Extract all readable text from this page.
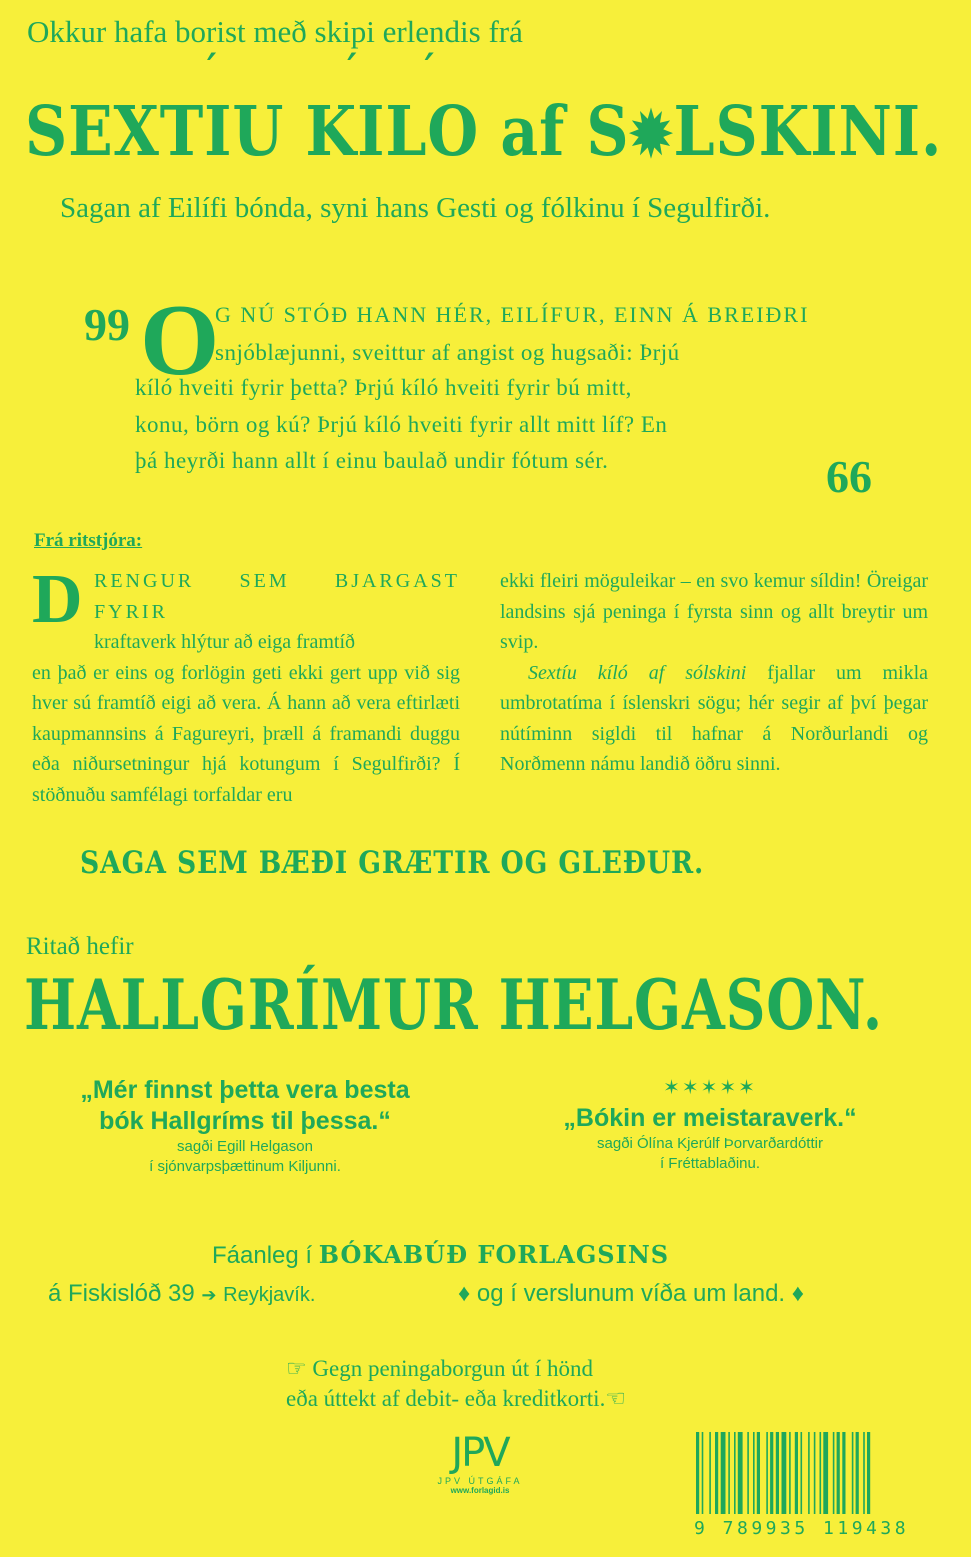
Okkur hafa borist með skipi erlendis frá
SEXTIU KILO af S✹LSKINI.
´	´ ´
Sagan af Eilífi bónda, syni hans Gesti og fólkinu í Segulfirði.
99 O
G NÚ STÓÐ HANN HÉR, EILÍFUR, EINN Á BREIÐRI
snjóblæjunni, sveittur af angist og hugsaði: Þrjú
kíló hveiti fyrir þetta? Þrjú kíló hveiti fyrir bú mitt,
konu, börn og kú? Þrjú kíló hveiti fyrir allt mitt líf? En
þá heyrði hann allt í einu baulað undir fótum sér.	66
Frá ritstjóra:
D RENGUR SEM BJARGAST FYRIR
kraftaverk hlýtur að eiga framtíð

en það er eins og forlögin geti ekki gert upp við sig hver sú framtíð eigi að vera. Á hann að vera eftirlæti kaupmannsins á Fagureyri, þræll á framandi duggu eða niðursetningur hjá kotungum í Segulfirði? Í stöðnuðu samfélagi torfaldar eru

ekki fleiri möguleikar – en svo kemur síldin! Öreigar landsins sjá peninga í fyrsta sinn og allt breytir um svip.

Sextíu kíló af sólskini fjallar um mikla umbrotatíma í íslenskri sögu; hér segir af því þegar nútíminn sigldi til hafnar á Norðurlandi og Norðmenn námu landið öðru sinni.

SAGA SEM BÆÐI GRÆTIR OG GLEÐUR.
Ritað hefir
HALLGRÍMUR HELGASON.
„Mér finnst þetta vera besta bók Hallgríms til þessa.“
sagði Egill Helgason
í sjónvarpsþættinum Kiljunni.
✶✶✶✶✶
„Bókin er meistaraverk.“
sagði Ólína Kjerúlf Þorvarðardóttir
í Fréttablaðinu.
Fáanleg í BÓKABÚÐ FORLAGSINS
á Fiskislóð 39 ➔ Reykjavík.	♦ og í verslunum víða um land. ♦
☞ Gegn peningaborgun út í hönd
eða úttekt af debit- eða kreditkorti.☜
JPV
JPV ÚTGÁFA
www.forlagid.is
9 789935 119438
